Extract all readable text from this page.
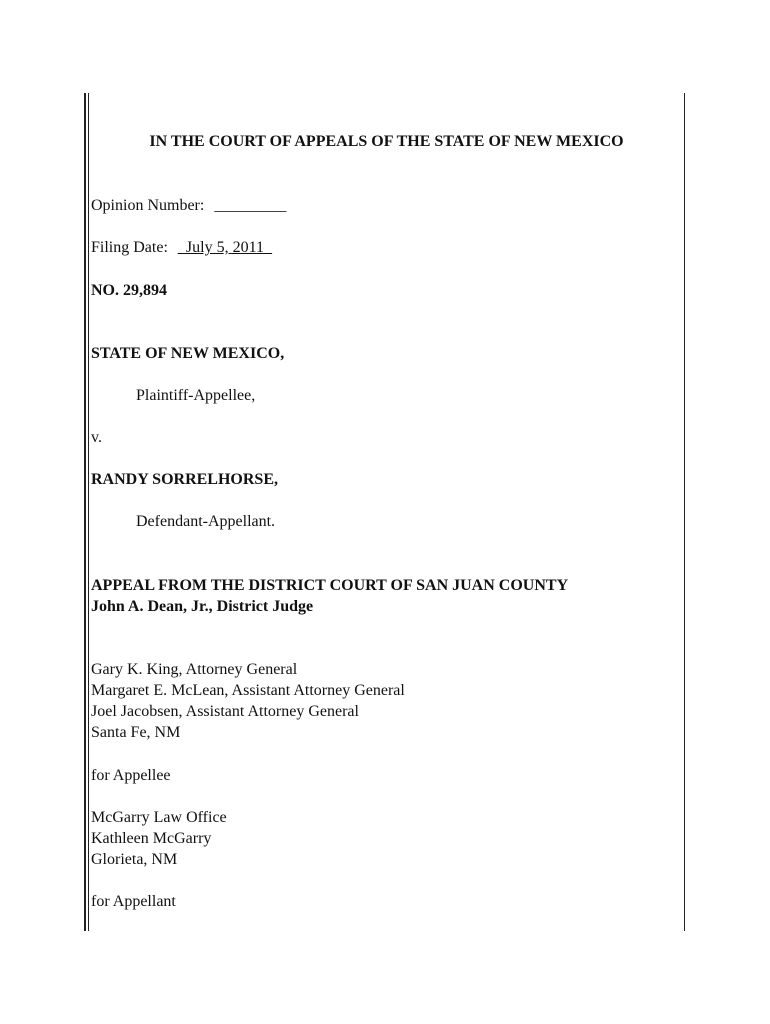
IN THE COURT OF APPEALS OF THE STATE OF NEW MEXICO
Opinion Number: _________
Filing Date: _July 5, 2011_
NO. 29,894
STATE OF NEW MEXICO,
Plaintiff-Appellee,
v.
RANDY SORRELHORSE,
Defendant-Appellant.
APPEAL FROM THE DISTRICT COURT OF SAN JUAN COUNTY
John A. Dean, Jr., District Judge
Gary K. King, Attorney General
Margaret E. McLean, Assistant Attorney General
Joel Jacobsen, Assistant Attorney General
Santa Fe, NM
for Appellee
McGarry Law Office
Kathleen McGarry
Glorieta, NM
for Appellant
